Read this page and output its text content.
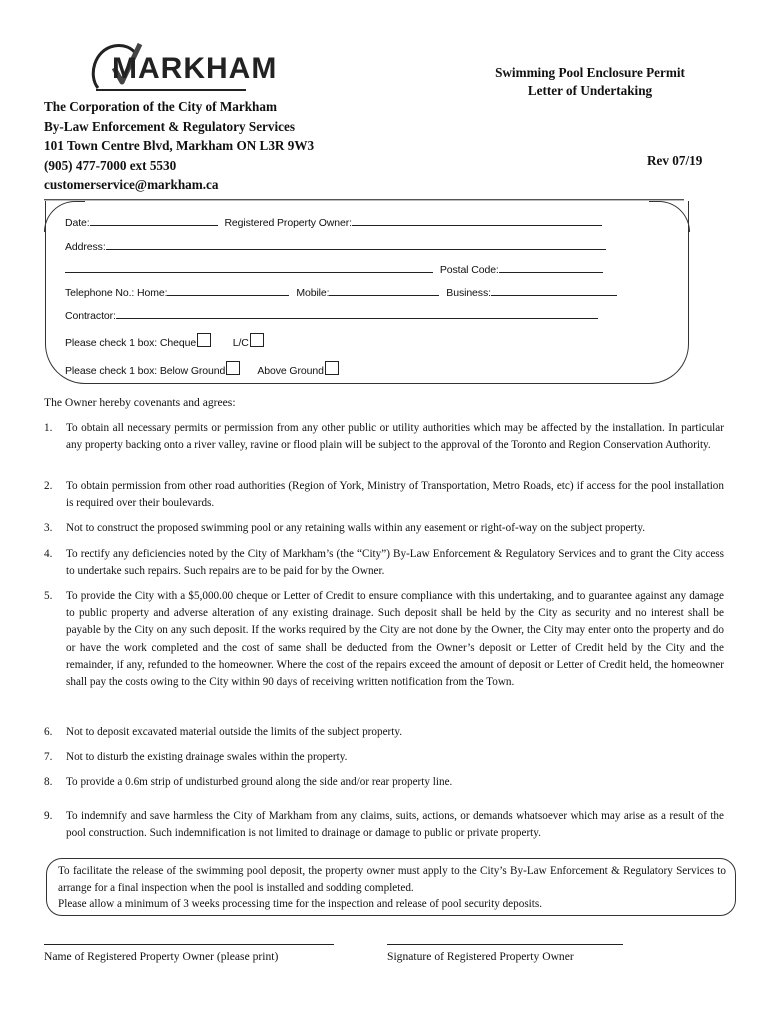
MARKHAM
The Corporation of the City of Markham
By-Law Enforcement & Regulatory Services
101 Town Centre Blvd, Markham ON L3R 9W3
(905) 477-7000 ext 5530
customerservice@markham.ca
Swimming Pool Enclosure Permit
Letter of Undertaking
Rev 07/19
Date:	Registered Property Owner:
Address:
Postal Code:
Telephone No.: Home:	Mobile:	Business:
Contractor:
Please check 1 box: Cheque	L/C
Please check 1 box: Below Ground	Above Ground
The Owner hereby covenants and agrees:
1.	To obtain all necessary permits or permission from any other public or utility authorities which may be affected by the installation. In particular any property backing onto a river valley, ravine or flood plain will be subject to the approval of the Toronto and Region Conservation Authority.
2.	To obtain permission from other road authorities (Region of York, Ministry of Transportation, Metro Roads, etc) if access for the pool installation is required over their boulevards.
3.	Not to construct the proposed swimming pool or any retaining walls within any easement or right-of-way on the subject property.
4.	To rectify any deficiencies noted by the City of Markham’s (the “City”) By-Law Enforcement & Regulatory Services and to grant the City access to undertake such repairs. Such repairs are to be paid for by the Owner.
5.	To provide the City with a $5,000.00 cheque or Letter of Credit to ensure compliance with this undertaking, and to guarantee against any damage to public property and adverse alteration of any existing drainage. Such deposit shall be held by the City as security and no interest shall be payable by the City on any such deposit. If the works required by the City are not done by the Owner, the City may enter onto the property and do or have the work completed and the cost of same shall be deducted from the Owner’s deposit or Letter of Credit held by the City and the remainder, if any, refunded to the homeowner. Where the cost of the repairs exceed the amount of deposit or Letter of Credit held, the homeowner shall pay the costs owing to the City within 90 days of receiving written notification from the Town.
6.	Not to deposit excavated material outside the limits of the subject property.
7.	Not to disturb the existing drainage swales within the property.
8.	To provide a 0.6m strip of undisturbed ground along the side and/or rear property line.
9.	To indemnify and save harmless the City of Markham from any claims, suits, actions, or demands whatsoever which may arise as a result of the pool construction. Such indemnification is not limited to drainage or damage to public or private property.
To facilitate the release of the swimming pool deposit, the property owner must apply to the City’s By-Law Enforcement & Regulatory Services to arrange for a final inspection when the pool is installed and sodding completed.
Please allow a minimum of 3 weeks processing time for the inspection and release of pool security deposits.
Name of Registered Property Owner (please print)	Signature of Registered Property Owner
